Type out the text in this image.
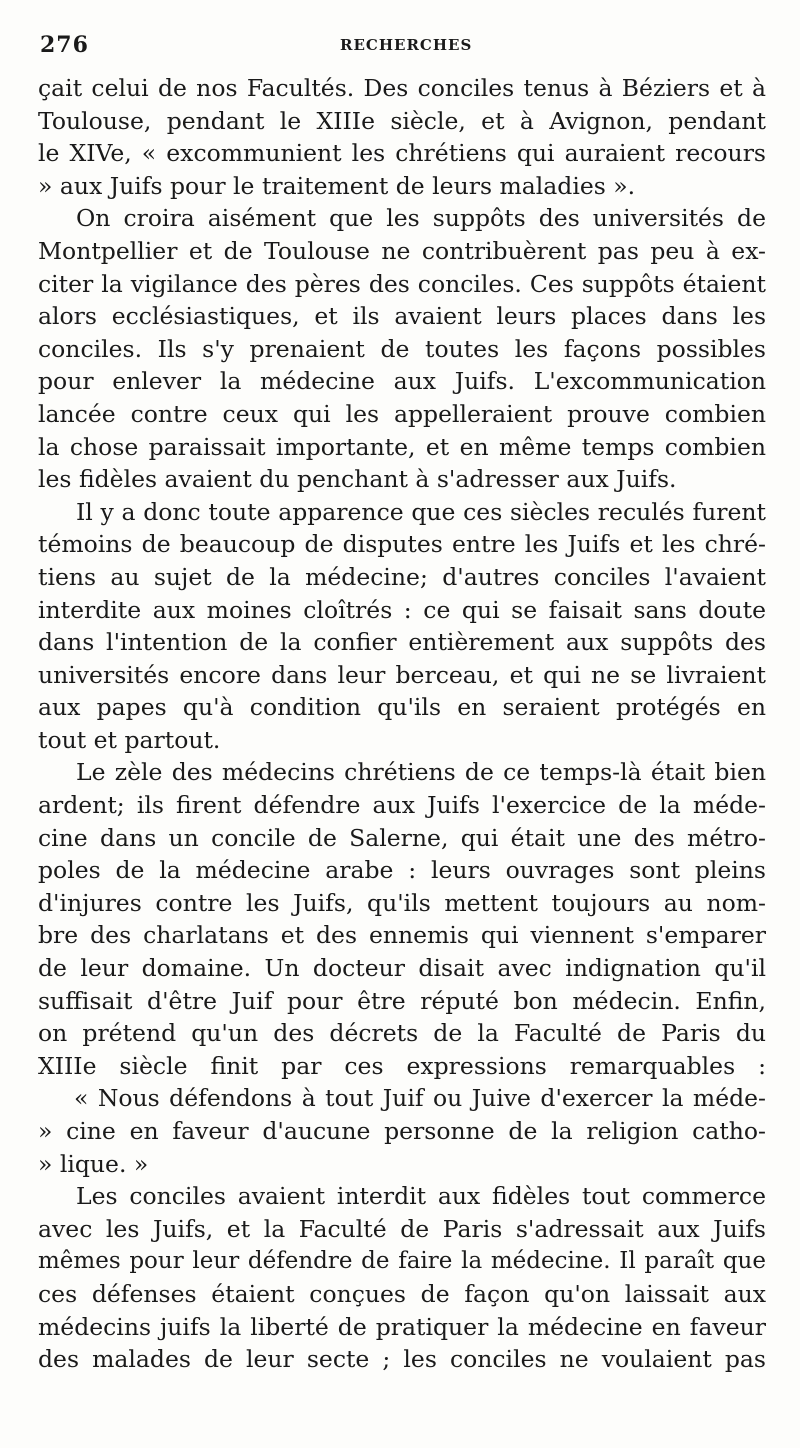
276	RECHERCHES
çait celui de nos Facultés. Des conciles tenus à Béziers et à
Toulouse, pendant le XIIIe siècle, et à Avignon, pendant
le XIVe, « excommunient les chrétiens qui auraient recours
» aux Juifs pour le traitement de leurs maladies ».
On croira aisément que les suppôts des universités de
Montpellier et de Toulouse ne contribuèrent pas peu à ex-
citer la vigilance des pères des conciles. Ces suppôts étaient
alors ecclésiastiques, et ils avaient leurs places dans les
conciles. Ils s'y prenaient de toutes les façons possibles
pour enlever la médecine aux Juifs. L'excommunication
lancée contre ceux qui les appelleraient prouve combien
la chose paraissait importante, et en même temps combien
les fidèles avaient du penchant à s'adresser aux Juifs.
Il y a donc toute apparence que ces siècles reculés furent
témoins de beaucoup de disputes entre les Juifs et les chré-
tiens au sujet de la médecine; d'autres conciles l'avaient
interdite aux moines cloîtrés : ce qui se faisait sans doute
dans l'intention de la confier entièrement aux suppôts des
universités encore dans leur berceau, et qui ne se livraient
aux papes qu'à condition qu'ils en seraient protégés en
tout et partout.
Le zèle des médecins chrétiens de ce temps-là était bien
ardent; ils firent défendre aux Juifs l'exercice de la méde-
cine dans un concile de Salerne, qui était une des métro-
poles de la médecine arabe : leurs ouvrages sont pleins
d'injures contre les Juifs, qu'ils mettent toujours au nom-
bre des charlatans et des ennemis qui viennent s'emparer
de leur domaine. Un docteur disait avec indignation qu'il
suffisait d'être Juif pour être réputé bon médecin. Enfin,
on prétend qu'un des décrets de la Faculté de Paris du
XIIIe siècle finit par ces expressions remarquables :
« Nous défendons à tout Juif ou Juive d'exercer la méde-
» cine en faveur d'aucune personne de la religion catho-
» lique. »
Les conciles avaient interdit aux fidèles tout commerce
avec les Juifs, et la Faculté de Paris s'adressait aux Juifs
mêmes pour leur défendre de faire la médecine. Il paraît que
ces défenses étaient conçues de façon qu'on laissait aux
médecins juifs la liberté de pratiquer la médecine en faveur
des malades de leur secte ; les conciles ne voulaient pas
